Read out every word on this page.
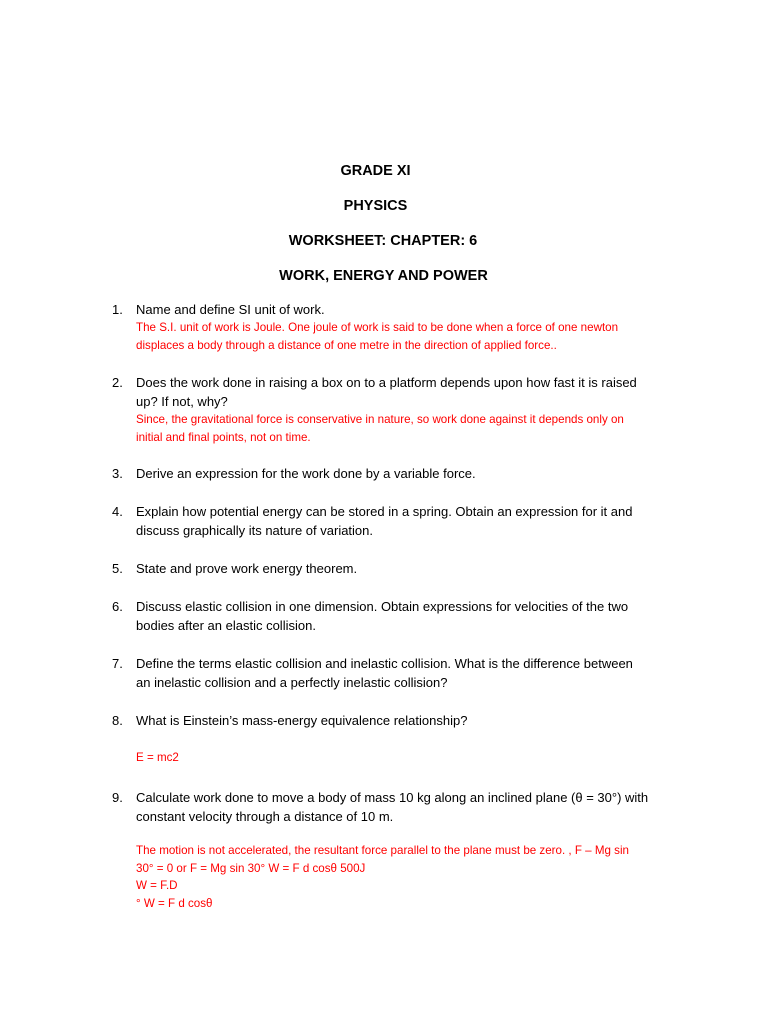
GRADE XI
PHYSICS
WORKSHEET: CHAPTER: 6
WORK, ENERGY AND POWER
1. Name and define SI unit of work.
The S.I. unit of work is Joule. One joule of work is said to be done when a force of one newton
displaces a body through a distance of one metre in the direction of applied force..
2. Does the work done in raising a box on to a platform depends upon how fast it is raised
up? If not, why?
Since, the gravitational force is conservative in nature, so work done against it depends only on
initial and final points, not on time.
3. Derive an expression for the work done by a variable force.
4. Explain how potential energy can be stored in a spring. Obtain an expression for it and
discuss graphically its nature of variation.
5. State and prove work energy theorem.
6. Discuss elastic collision in one dimension. Obtain expressions for velocities of the two
bodies after an elastic collision.
7. Define the terms elastic collision and inelastic collision. What is the difference between
an inelastic collision and a perfectly inelastic collision?
8. What is Einstein’s mass-energy equivalence relationship?
E = mc2
9. Calculate work done to move a body of mass 10 kg along an inclined plane (θ = 30°) with
constant velocity through a distance of 10 m.
The motion is not accelerated, the resultant force parallel to the plane must be zero. , F – Mg sin
30° = 0 or F = Mg sin 30° W = F d cosθ 500J
W = F.D
° W = F d cosθ
